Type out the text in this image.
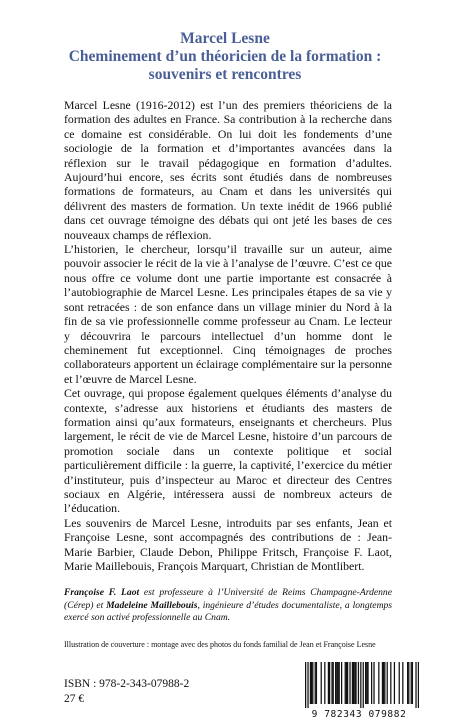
Marcel Lesne
Cheminement d’un théoricien de la formation :
souvenirs et rencontres

Marcel Lesne (1916-2012) est l’un des premiers théoriciens de la formation des adultes en France. Sa contribution à la recherche dans ce domaine est considérable. On lui doit les fondements d’une sociologie de la formation et d’importantes avancées dans la réflexion sur le travail pédagogique en formation d’adultes. Aujourd’hui encore, ses écrits sont étudiés dans de nombreuses formations de formateurs, au Cnam et dans les universités qui délivrent des masters de formation. Un texte inédit de 1966 publié dans cet ouvrage témoigne des débats qui ont jeté les bases de ces nouveaux champs de réflexion.

L’historien, le chercheur, lorsqu’il travaille sur un auteur, aime pouvoir associer le récit de la vie à l’analyse de l’œuvre. C’est ce que nous offre ce volume dont une partie importante est consacrée à l’autobiographie de Marcel Lesne. Les principales étapes de sa vie y sont retracées : de son enfance dans un village minier du Nord à la fin de sa vie professionnelle comme professeur au Cnam. Le lecteur y découvrira le parcours intellectuel d’un homme dont le cheminement fut exceptionnel. Cinq témoignages de proches collaborateurs apportent un éclairage complémentaire sur la personne et l’œuvre de Marcel Lesne.

Cet ouvrage, qui propose également quelques éléments d’analyse du contexte, s’adresse aux historiens et étudiants des masters de formation ainsi qu’aux formateurs, enseignants et chercheurs. Plus largement, le récit de vie de Marcel Lesne, histoire d’un parcours de promotion sociale dans un contexte politique et social particulièrement difficile : la guerre, la captivité, l’exercice du métier d’instituteur, puis d’inspecteur au Maroc et directeur des Centres sociaux en Algérie, intéressera aussi de nombreux acteurs de l’éducation.

Les souvenirs de Marcel Lesne, introduits par ses enfants, Jean et Françoise Lesne, sont accompagnés des contributions de : Jean-Marie Barbier, Claude Debon, Philippe Fritsch, Françoise F. Laot, Marie Maillebouis, François Marquart, Christian de Montlibert.

Françoise F. Laot est professeure à l’Université de Reims Champagne-Ardenne (Cérep) et Madeleine Maillebouis, ingénieure d’études documentaliste, a longtemps exercé son activé professionnelle au Cnam.
Illustration de couverture : montage avec des photos du fonds familial de Jean et Françoise Lesne
ISBN : 978-2-343-07988-2
27 €
9 782343 079882
